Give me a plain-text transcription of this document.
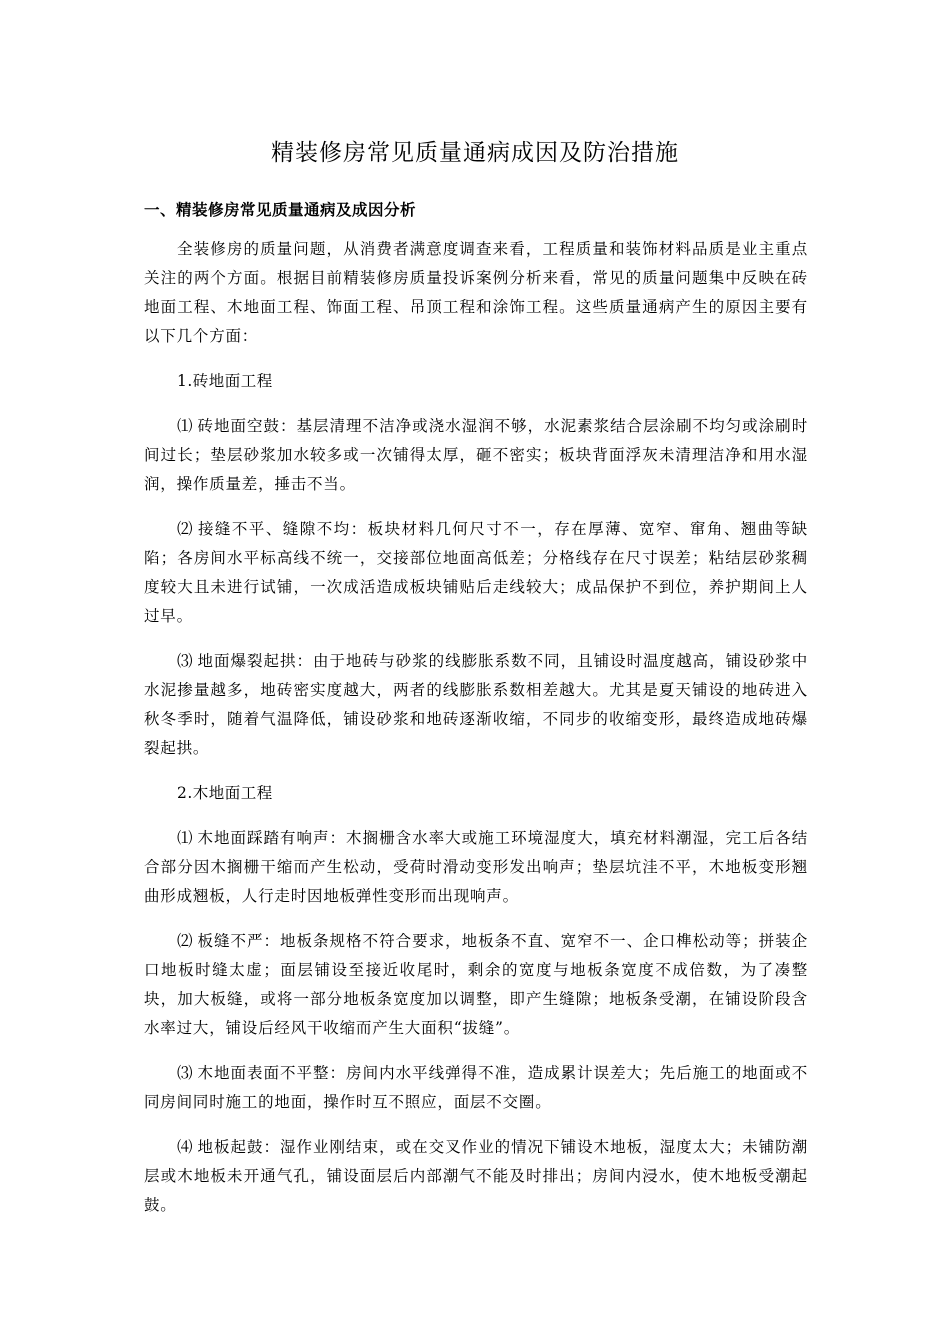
精装修房常见质量通病成因及防治措施
一、精装修房常见质量通病及成因分析

全装修房的质量问题，从消费者满意度调查来看，工程质量和装饰材料品质是业主重点关注的两个方面。根据目前精装修房质量投诉案例分析来看，常见的质量问题集中反映在砖地面工程、木地面工程、饰面工程、吊顶工程和涂饰工程。这些质量通病产生的原因主要有以下几个方面：

1.砖地面工程

⑴ 砖地面空鼓：基层清理不洁净或浇水湿润不够，水泥素浆结合层涂刷不均匀或涂刷时间过长；垫层砂浆加水较多或一次铺得太厚，砸不密实；板块背面浮灰未清理洁净和用水湿润，操作质量差，捶击不当。

⑵ 接缝不平、缝隙不均：板块材料几何尺寸不一，存在厚薄、宽窄、窜角、翘曲等缺陷；各房间水平标高线不统一，交接部位地面高低差；分格线存在尺寸误差；粘结层砂浆稠度较大且未进行试铺，一次成活造成板块铺贴后走线较大；成品保护不到位，养护期间上人过早。

⑶ 地面爆裂起拱：由于地砖与砂浆的线膨胀系数不同，且铺设时温度越高，铺设砂浆中水泥掺量越多，地砖密实度越大，两者的线膨胀系数相差越大。尤其是夏天铺设的地砖进入秋冬季时，随着气温降低，铺设砂浆和地砖逐渐收缩，不同步的收缩变形，最终造成地砖爆裂起拱。

2.木地面工程

⑴ 木地面踩踏有响声：木搁栅含水率大或施工环境湿度大，填充材料潮湿，完工后各结合部分因木搁栅干缩而产生松动，受荷时滑动变形发出响声；垫层坑洼不平，木地板变形翘曲形成翘板，人行走时因地板弹性变形而出现响声。

⑵ 板缝不严：地板条规格不符合要求，地板条不直、宽窄不一、企口榫松动等；拼装企口地板时缝太虚；面层铺设至接近收尾时，剩余的宽度与地板条宽度不成倍数，为了凑整块，加大板缝，或将一部分地板条宽度加以调整，即产生缝隙；地板条受潮，在铺设阶段含水率过大，铺设后经风干收缩而产生大面积“拔缝”。

⑶ 木地面表面不平整：房间内水平线弹得不准，造成累计误差大；先后施工的地面或不同房间同时施工的地面，操作时互不照应，面层不交圈。

⑷ 地板起鼓：湿作业刚结束，或在交叉作业的情况下铺设木地板，湿度太大；未铺防潮层或木地板未开通气孔，铺设面层后内部潮气不能及时排出；房间内浸水，使木地板受潮起鼓。
